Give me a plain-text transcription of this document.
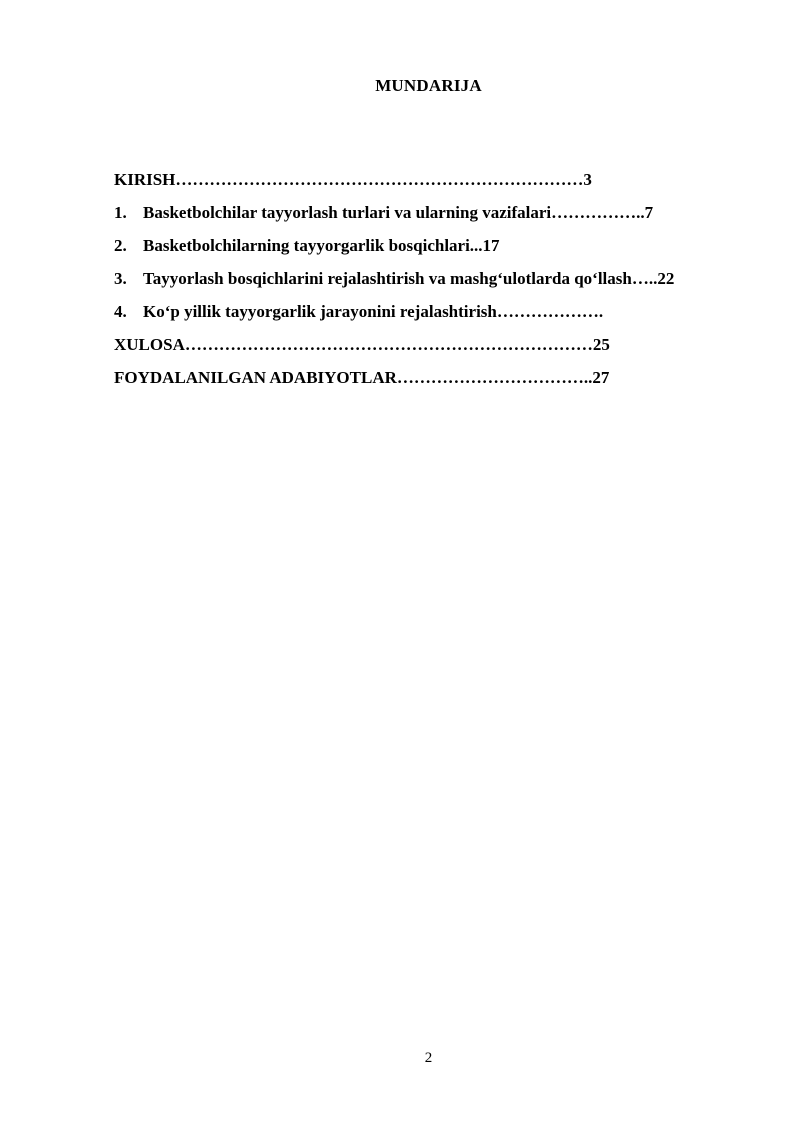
MUNDARIJA
KIRISH………………………………………………………………3
1. Basketbolchilar tayyorlash turlari va ularning vazifalari……………..7
2. Basketbolchilarning tayyorgarlik bosqichlari...17
3. Tayyorlash bosqichlarini rejalashtirish va mashg‘ulotlarda qo‘llash…..22
4. Ko‘p yillik tayyorgarlik jarayonini rejalashtirish……………….
XULOSA………………………………………………………………25
FOYDALANILGAN ADABIYOTLAR……………………………..27
2
